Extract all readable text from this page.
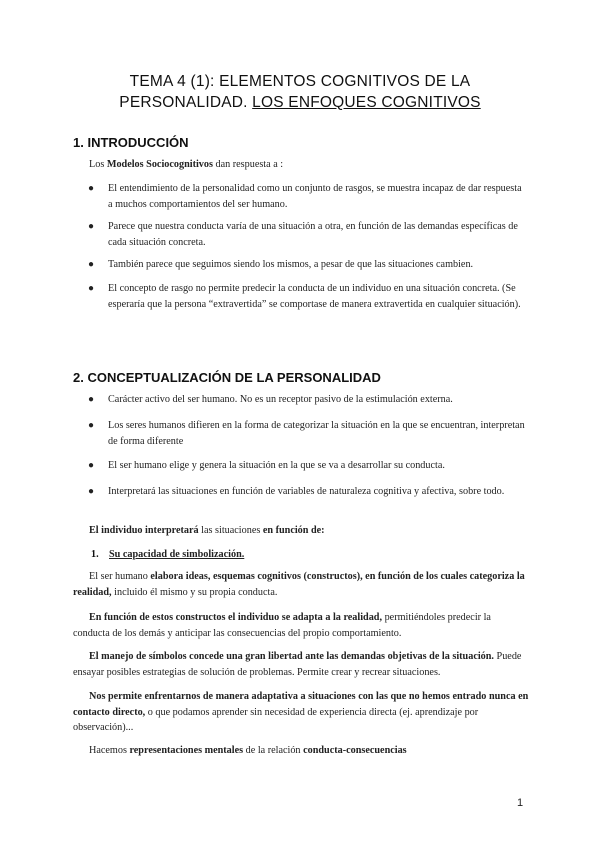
TEMA 4 (1): ELEMENTOS COGNITIVOS DE LA
PERSONALIDAD. LOS ENFOQUES COGNITIVOS
1. INTRODUCCIÓN
Los Modelos Sociocognitivos dan respuesta a :
● El entendimiento de la personalidad como un conjunto de rasgos, se muestra incapaz de dar respuesta a muchos comportamientos del ser humano.
● Parece que nuestra conducta varía de una situación a otra, en función de las demandas específicas de cada situación concreta.
● También parece que seguimos siendo los mismos, a pesar de que las situaciones cambien.
● El concepto de rasgo no permite predecir la conducta de un individuo en una situación concreta. (Se esperaría que la persona “extravertida” se comportase de manera extravertida en cualquier situación).
2. CONCEPTUALIZACIÓN DE LA PERSONALIDAD
● Carácter activo del ser humano. No es un receptor pasivo de la estimulación externa.
● Los seres humanos difieren en la forma de categorizar la situación en la que se encuentran, interpretan de forma diferente
● El ser humano elige y genera la situación en la que se va a desarrollar su conducta.
● Interpretará las situaciones en función de variables de naturaleza cognitiva y afectiva, sobre todo.
El individuo interpretará las situaciones en función de:
1. Su capacidad de simbolización.
El ser humano elabora ideas, esquemas cognitivos (constructos), en función de los cuales categoriza la realidad, incluido él mismo y su propia conducta.
En función de estos constructos el individuo se adapta a la realidad, permitiéndoles predecir la conducta de los demás y anticipar las consecuencias del propio comportamiento.
El manejo de símbolos concede una gran libertad ante las demandas objetivas de la situación. Puede ensayar posibles estrategias de solución de problemas. Permite crear y recrear situaciones.
Nos permite enfrentarnos de manera adaptativa a situaciones con las que no hemos entrado nunca en contacto directo, o que podamos aprender sin necesidad de experiencia directa (ej. aprendizaje por observación)...
Hacemos representaciones mentales de la relación conducta-consecuencias
1
